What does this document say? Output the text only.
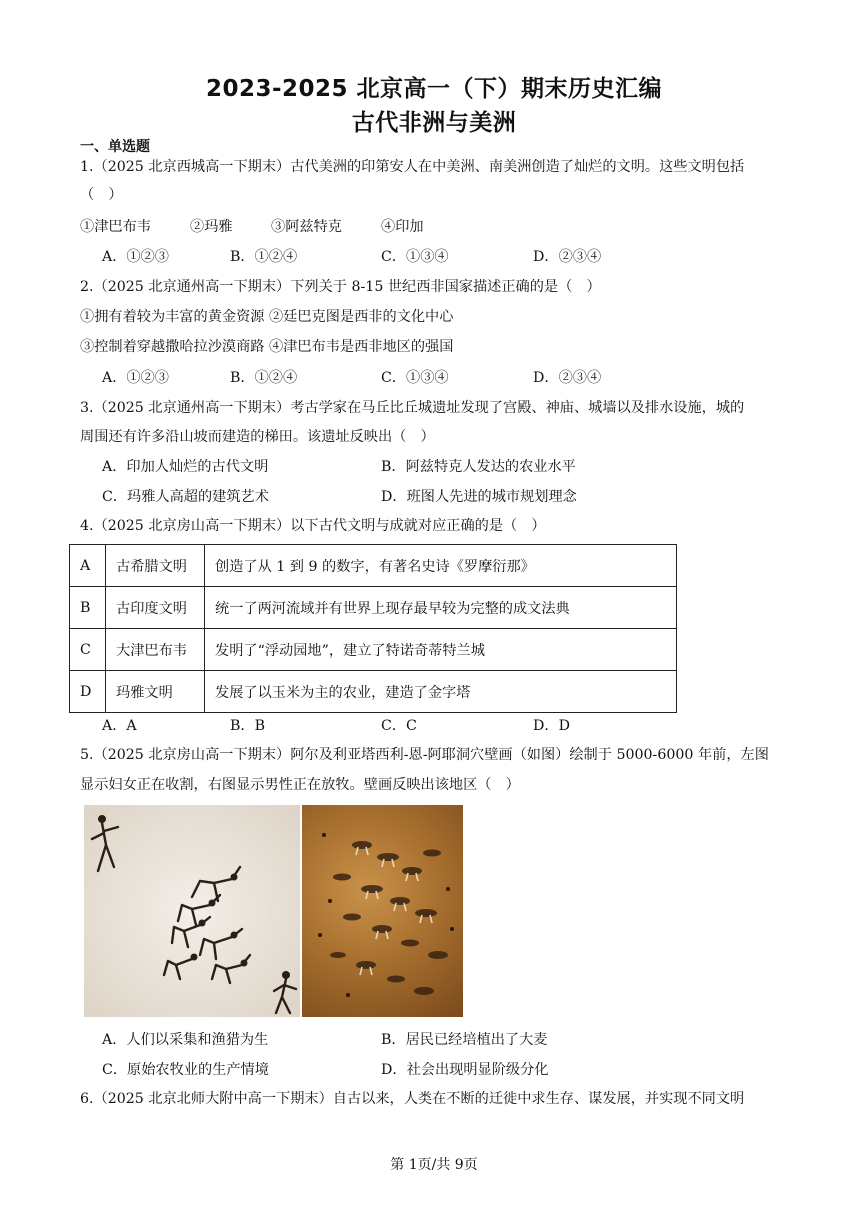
2023-2025 北京高一（下）期末历史汇编
古代非洲与美洲
一、单选题
1.（2025 北京西城高一下期末）古代美洲的印第安人在中美洲、南美洲创造了灿烂的文明。这些文明包括
（　）
①津巴布韦	②玛雅	③阿兹特克	④印加
A．①②③	B．①②④	C．①③④	D．②③④
2.（2025 北京通州高一下期末）下列关于 8-15 世纪西非国家描述正确的是（　）
①拥有着较为丰富的黄金资源 ②廷巴克图是西非的文化中心
③控制着穿越撒哈拉沙漠商路 ④津巴布韦是西非地区的强国
A．①②③	B．①②④	C．①③④	D．②③④
3.（2025 北京通州高一下期末）考古学家在马丘比丘城遗址发现了宫殿、神庙、城墙以及排水设施，城的
周围还有许多沿山坡而建造的梯田。该遗址反映出（　）
A．印加人灿烂的古代文明	B．阿兹特克人发达的农业水平
C．玛雅人高超的建筑艺术	D．班图人先进的城市规划理念
4.（2025 北京房山高一下期末）以下古代文明与成就对应正确的是（　）
A	古希腊文明	创造了从 1 到 9 的数字，有著名史诗《罗摩衍那》
B	古印度文明	统一了两河流域并有世界上现存最早较为完整的成文法典
C	大津巴布韦	发明了“浮动园地”，建立了特诺奇蒂特兰城
D	玛雅文明	发展了以玉米为主的农业，建造了金字塔
A．A	B．B	C．C	D．D
5.（2025 北京房山高一下期末）阿尔及利亚塔西利-恩-阿耶洞穴壁画（如图）绘制于 5000-6000 年前，左图
显示妇女正在收割，右图显示男性正在放牧。壁画反映出该地区（　）
A．人们以采集和渔猎为生	B．居民已经培植出了大麦
C．原始农牧业的生产情境	D．社会出现明显阶级分化
6.（2025 北京北师大附中高一下期末）自古以来，人类在不断的迁徙中求生存、谋发展，并实现不同文明
第 1页/共 9页
